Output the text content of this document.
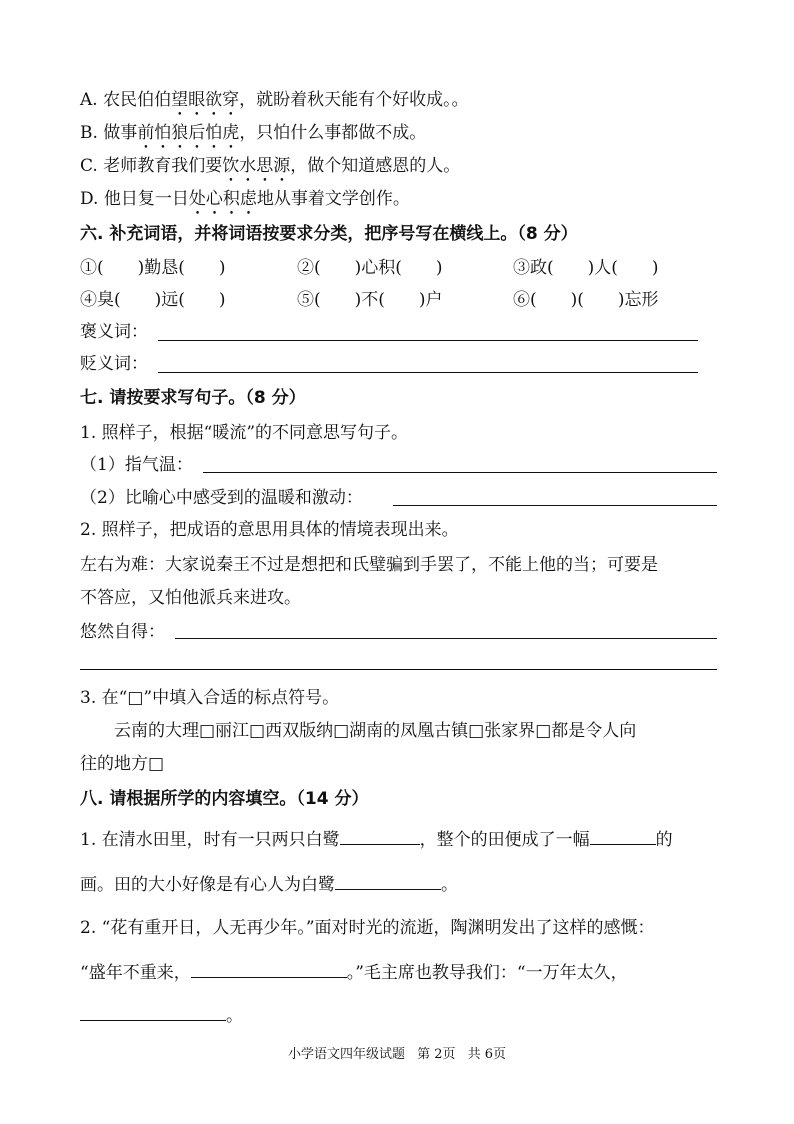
A. 农民伯伯望眼欲穿，就盼着秋天能有个好收成。。
B. 做事前怕狼后怕虎，只怕什么事都做不成。
C. 老师教育我们要饮水思源，做个知道感恩的人。
D. 他日复一日处心积虑地从事着文学创作。
六. 补充词语，并将词语按要求分类，把序号写在横线上。（8 分）
①(　　)勤恳(　　)	②(　　)心积(　　)	③政(　　)人(　　)
④臭(　　)远(　　)	⑤(　　)不(　　)户	⑥(　　)(　　)忘形
褒义词：
贬义词：
七. 请按要求写句子。（8 分）
1. 照样子，根据“暖流”的不同意思写句子。
（1）指气温：
（2）比喻心中感受到的温暖和激动：
2. 照样子，把成语的意思用具体的情境表现出来。
左右为难：大家说秦王不过是想把和氏璧骗到手罢了，不能上他的当；可要是
不答应，又怕他派兵来进攻。
悠然自得：
3. 在“□”中填入合适的标点符号。
云南的大理□丽江□西双版纳□湖南的凤凰古镇□张家界□都是令人向
往的地方□
八. 请根据所学的内容填空。（14 分）
1. 在清水田里，时有一只两只白鹭	，整个的田便成了一幅	的
画。田的大小好像是有心人为白鹭	。
2. “花有重开日，人无再少年。”面对时光的流逝，陶渊明发出了这样的感慨：
“盛年不重来，	。”毛主席也教导我们：“一万年太久，
。
小学语文四年级试题 第 2页 共 6页
